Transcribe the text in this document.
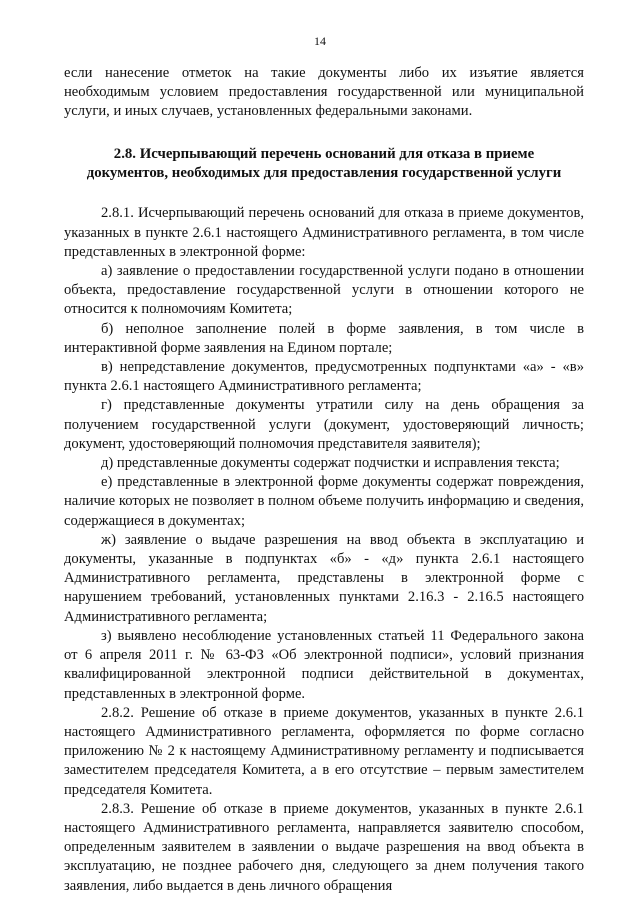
14

если нанесение отметок на такие документы либо их изъятие является необходимым условием предоставления государственной или муниципальной услуги, и иных случаев, установленных федеральными законами.

2.8. Исчерпывающий перечень оснований для отказа в приеме
документов, необходимых для предоставления государственной услуги

2.8.1. Исчерпывающий перечень оснований для отказа в приеме документов, указанных в пункте 2.6.1 настоящего Административного регламента, в том числе представленных в электронной форме:

а) заявление о предоставлении государственной услуги подано в отношении объекта, предоставление государственной услуги в отношении которого не относится к полномочиям Комитета;

б) неполное заполнение полей в форме заявления, в том числе в интерактивной форме заявления на Едином портале;

в) непредставление документов, предусмотренных подпунктами «а» - «в» пункта 2.6.1 настоящего Административного регламента;

г) представленные документы утратили силу на день обращения за получением государственной услуги (документ, удостоверяющий личность; документ, удостоверяющий полномочия представителя заявителя);

д) представленные документы содержат подчистки и исправления текста;

е) представленные в электронной форме документы содержат повреждения, наличие которых не позволяет в полном объеме получить информацию и сведения, содержащиеся в документах;

ж) заявление о выдаче разрешения на ввод объекта в эксплуатацию и документы, указанные в подпунктах «б» - «д» пункта 2.6.1 настоящего Административного регламента, представлены в электронной форме с нарушением требований, установленных пунктами 2.16.3 - 2.16.5 настоящего Административного регламента;

з) выявлено несоблюдение установленных статьей 11 Федерального закона от 6 апреля 2011 г. № 63-ФЗ «Об электронной подписи», условий признания квалифицированной электронной подписи действительной в документах, представленных в электронной форме.

2.8.2. Решение об отказе в приеме документов, указанных в пункте 2.6.1 настоящего Административного регламента, оформляется по форме согласно приложению № 2 к настоящему Административному регламенту и подписывается заместителем председателя Комитета, а в его отсутствие – первым заместителем председателя Комитета.

2.8.3. Решение об отказе в приеме документов, указанных в пункте 2.6.1 настоящего Административного регламента, направляется заявителю способом, определенным заявителем в заявлении о выдаче разрешения на ввод объекта в эксплуатацию, не позднее рабочего дня, следующего за днем получения такого заявления, либо выдается в день личного обращения
